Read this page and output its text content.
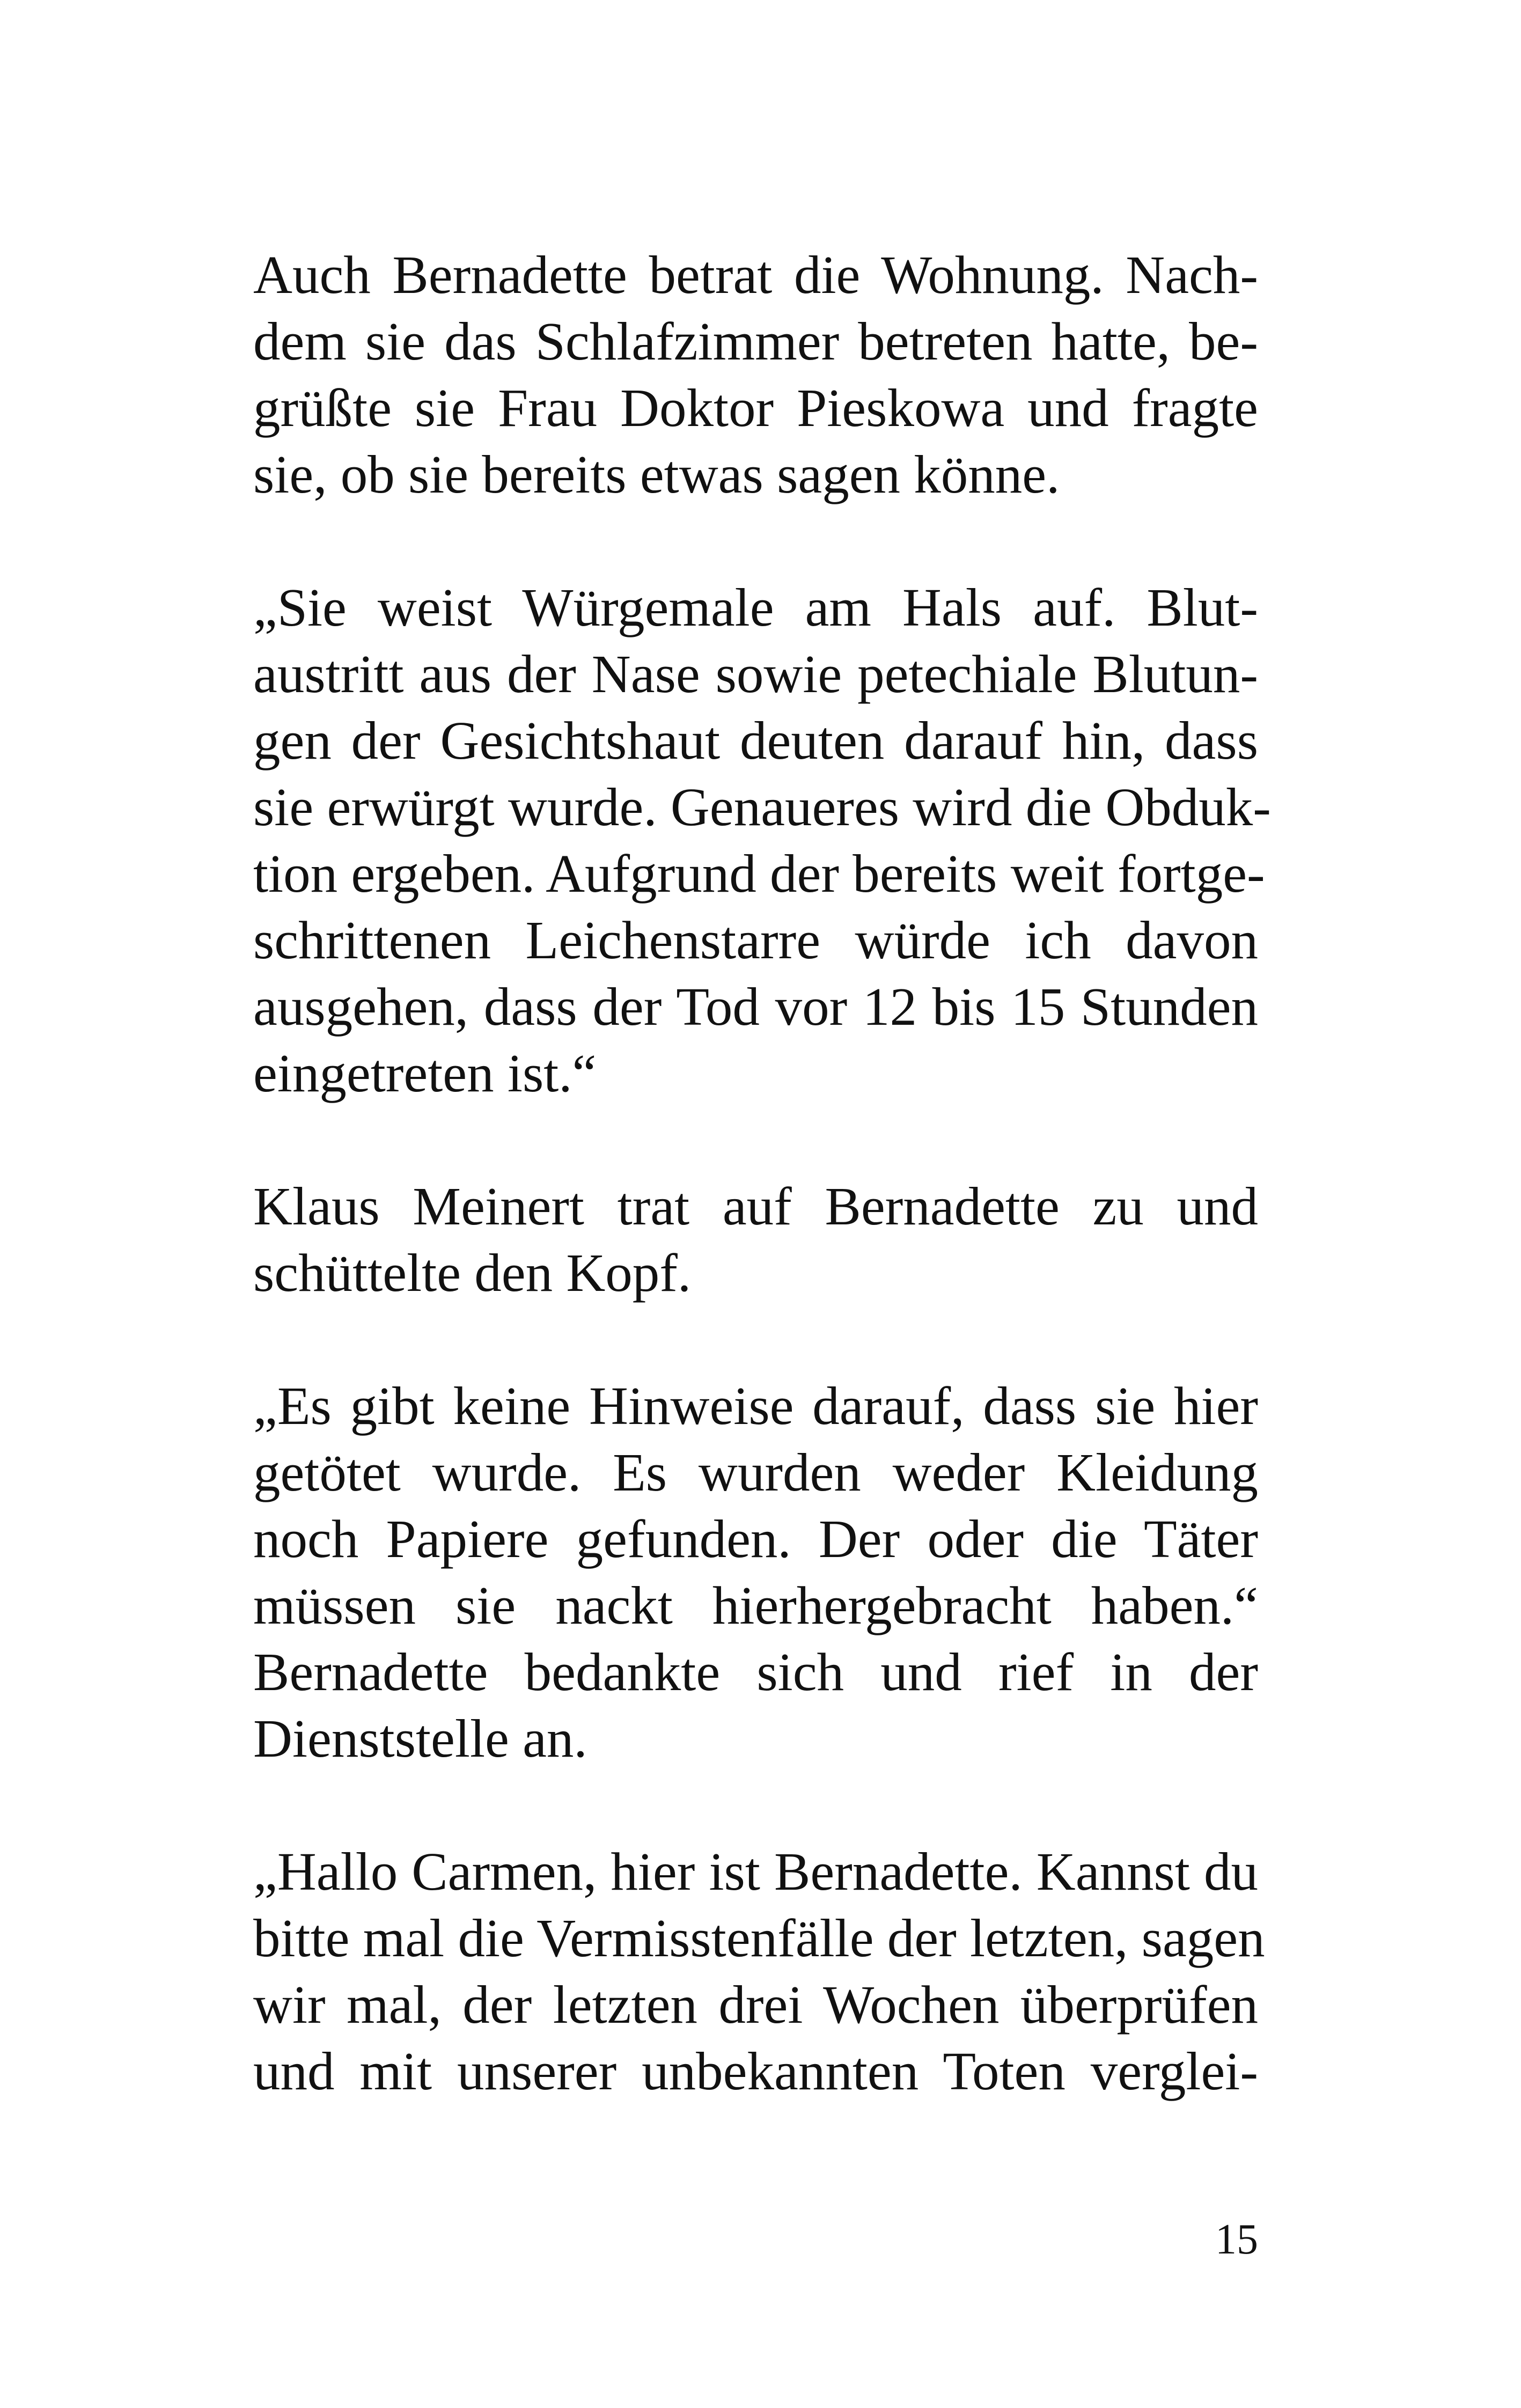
Auch Bernadette betrat die Wohnung. Nach-
dem sie das Schlafzimmer betreten hatte, be-
grüßte sie Frau Doktor Pieskowa und fragte
sie, ob sie bereits etwas sagen könne.
„Sie weist Würgemale am Hals auf. Blut-
austritt aus der Nase sowie petechiale Blutun-
gen der Gesichtshaut deuten darauf hin, dass
sie erwürgt wurde. Genaueres wird die Obduk-
tion ergeben. Aufgrund der bereits weit fortge-
schrittenen Leichenstarre würde ich davon
ausgehen, dass der Tod vor 12 bis 15 Stunden
eingetreten ist.“
Klaus Meinert trat auf Bernadette zu und
schüttelte den Kopf.
„Es gibt keine Hinweise darauf, dass sie hier
getötet wurde. Es wurden weder Kleidung
noch Papiere gefunden. Der oder die Täter
müssen sie nackt hierhergebracht haben.“
Bernadette bedankte sich und rief in der
Dienststelle an.
„Hallo Carmen, hier ist Bernadette. Kannst du
bitte mal die Vermisstenfälle der letzten, sagen
wir mal, der letzten drei Wochen überprüfen
und mit unserer unbekannten Toten verglei-

15
